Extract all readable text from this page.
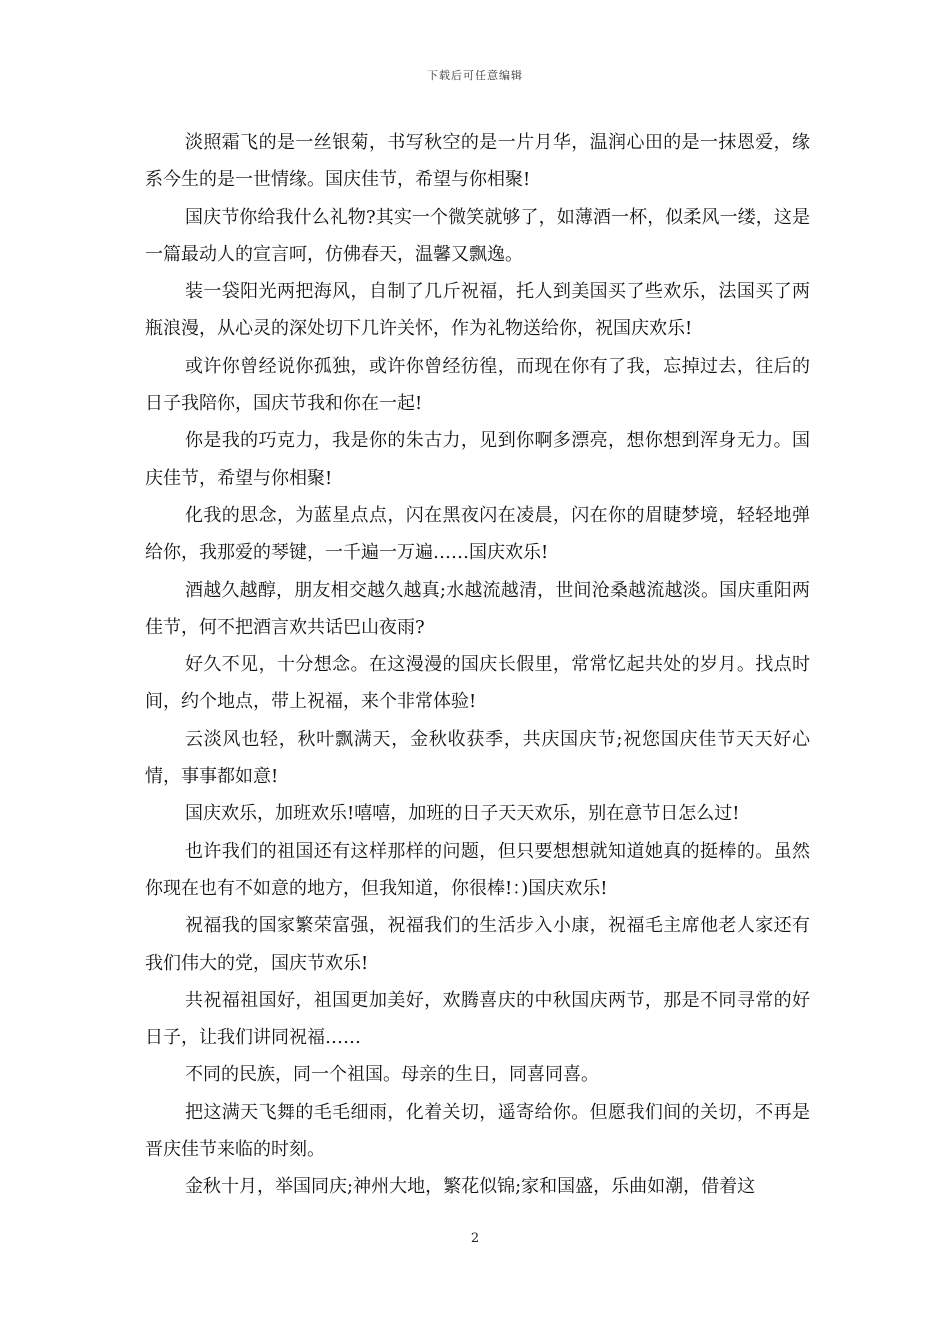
下载后可任意编辑

淡照霜飞的是一丝银菊，书写秋空的是一片月华，温润心田的是一抹恩爱，缘系今生的是一世情缘。国庆佳节，希望与你相聚!

国庆节你给我什么礼物?其实一个微笑就够了，如薄酒一杯，似柔风一缕，这是一篇最动人的宣言呵，仿佛春天，温馨又飘逸。

装一袋阳光两把海风，自制了几斤祝福，托人到美国买了些欢乐，法国买了两瓶浪漫，从心灵的深处切下几许关怀，作为礼物送给你，祝国庆欢乐!

或许你曾经说你孤独，或许你曾经彷徨，而现在你有了我，忘掉过去，往后的日子我陪你，国庆节我和你在一起!

你是我的巧克力，我是你的朱古力，见到你啊多漂亮，想你想到浑身无力。国庆佳节，希望与你相聚!

化我的思念，为蓝星点点，闪在黑夜闪在凌晨，闪在你的眉睫梦境，轻轻地弹给你，我那爱的琴键，一千遍一万遍……国庆欢乐!

酒越久越醇，朋友相交越久越真;水越流越清，世间沧桑越流越淡。国庆重阳两佳节，何不把酒言欢共话巴山夜雨?

好久不见，十分想念。在这漫漫的国庆长假里，常常忆起共处的岁月。找点时间，约个地点，带上祝福，来个非常体验!

云淡风也轻，秋叶飘满天，金秋收获季，共庆国庆节;祝您国庆佳节天天好心情，事事都如意!

国庆欢乐，加班欢乐!嘻嘻，加班的日子天天欢乐，别在意节日怎么过!

也许我们的祖国还有这样那样的问题，但只要想想就知道她真的挺棒的。虽然你现在也有不如意的地方，但我知道，你很棒!：)国庆欢乐!

祝福我的国家繁荣富强，祝福我们的生活步入小康，祝福毛主席他老人家还有我们伟大的党，国庆节欢乐!

共祝福祖国好，祖国更加美好，欢腾喜庆的中秋国庆两节，那是不同寻常的好日子，让我们讲同祝福……

不同的民族，同一个祖国。母亲的生日，同喜同喜。

把这满天飞舞的毛毛细雨，化着关切，遥寄给你。但愿我们间的关切，不再是晋庆佳节来临的时刻。

金秋十月，举国同庆;神州大地，繁花似锦;家和国盛，乐曲如潮，借着这

2
